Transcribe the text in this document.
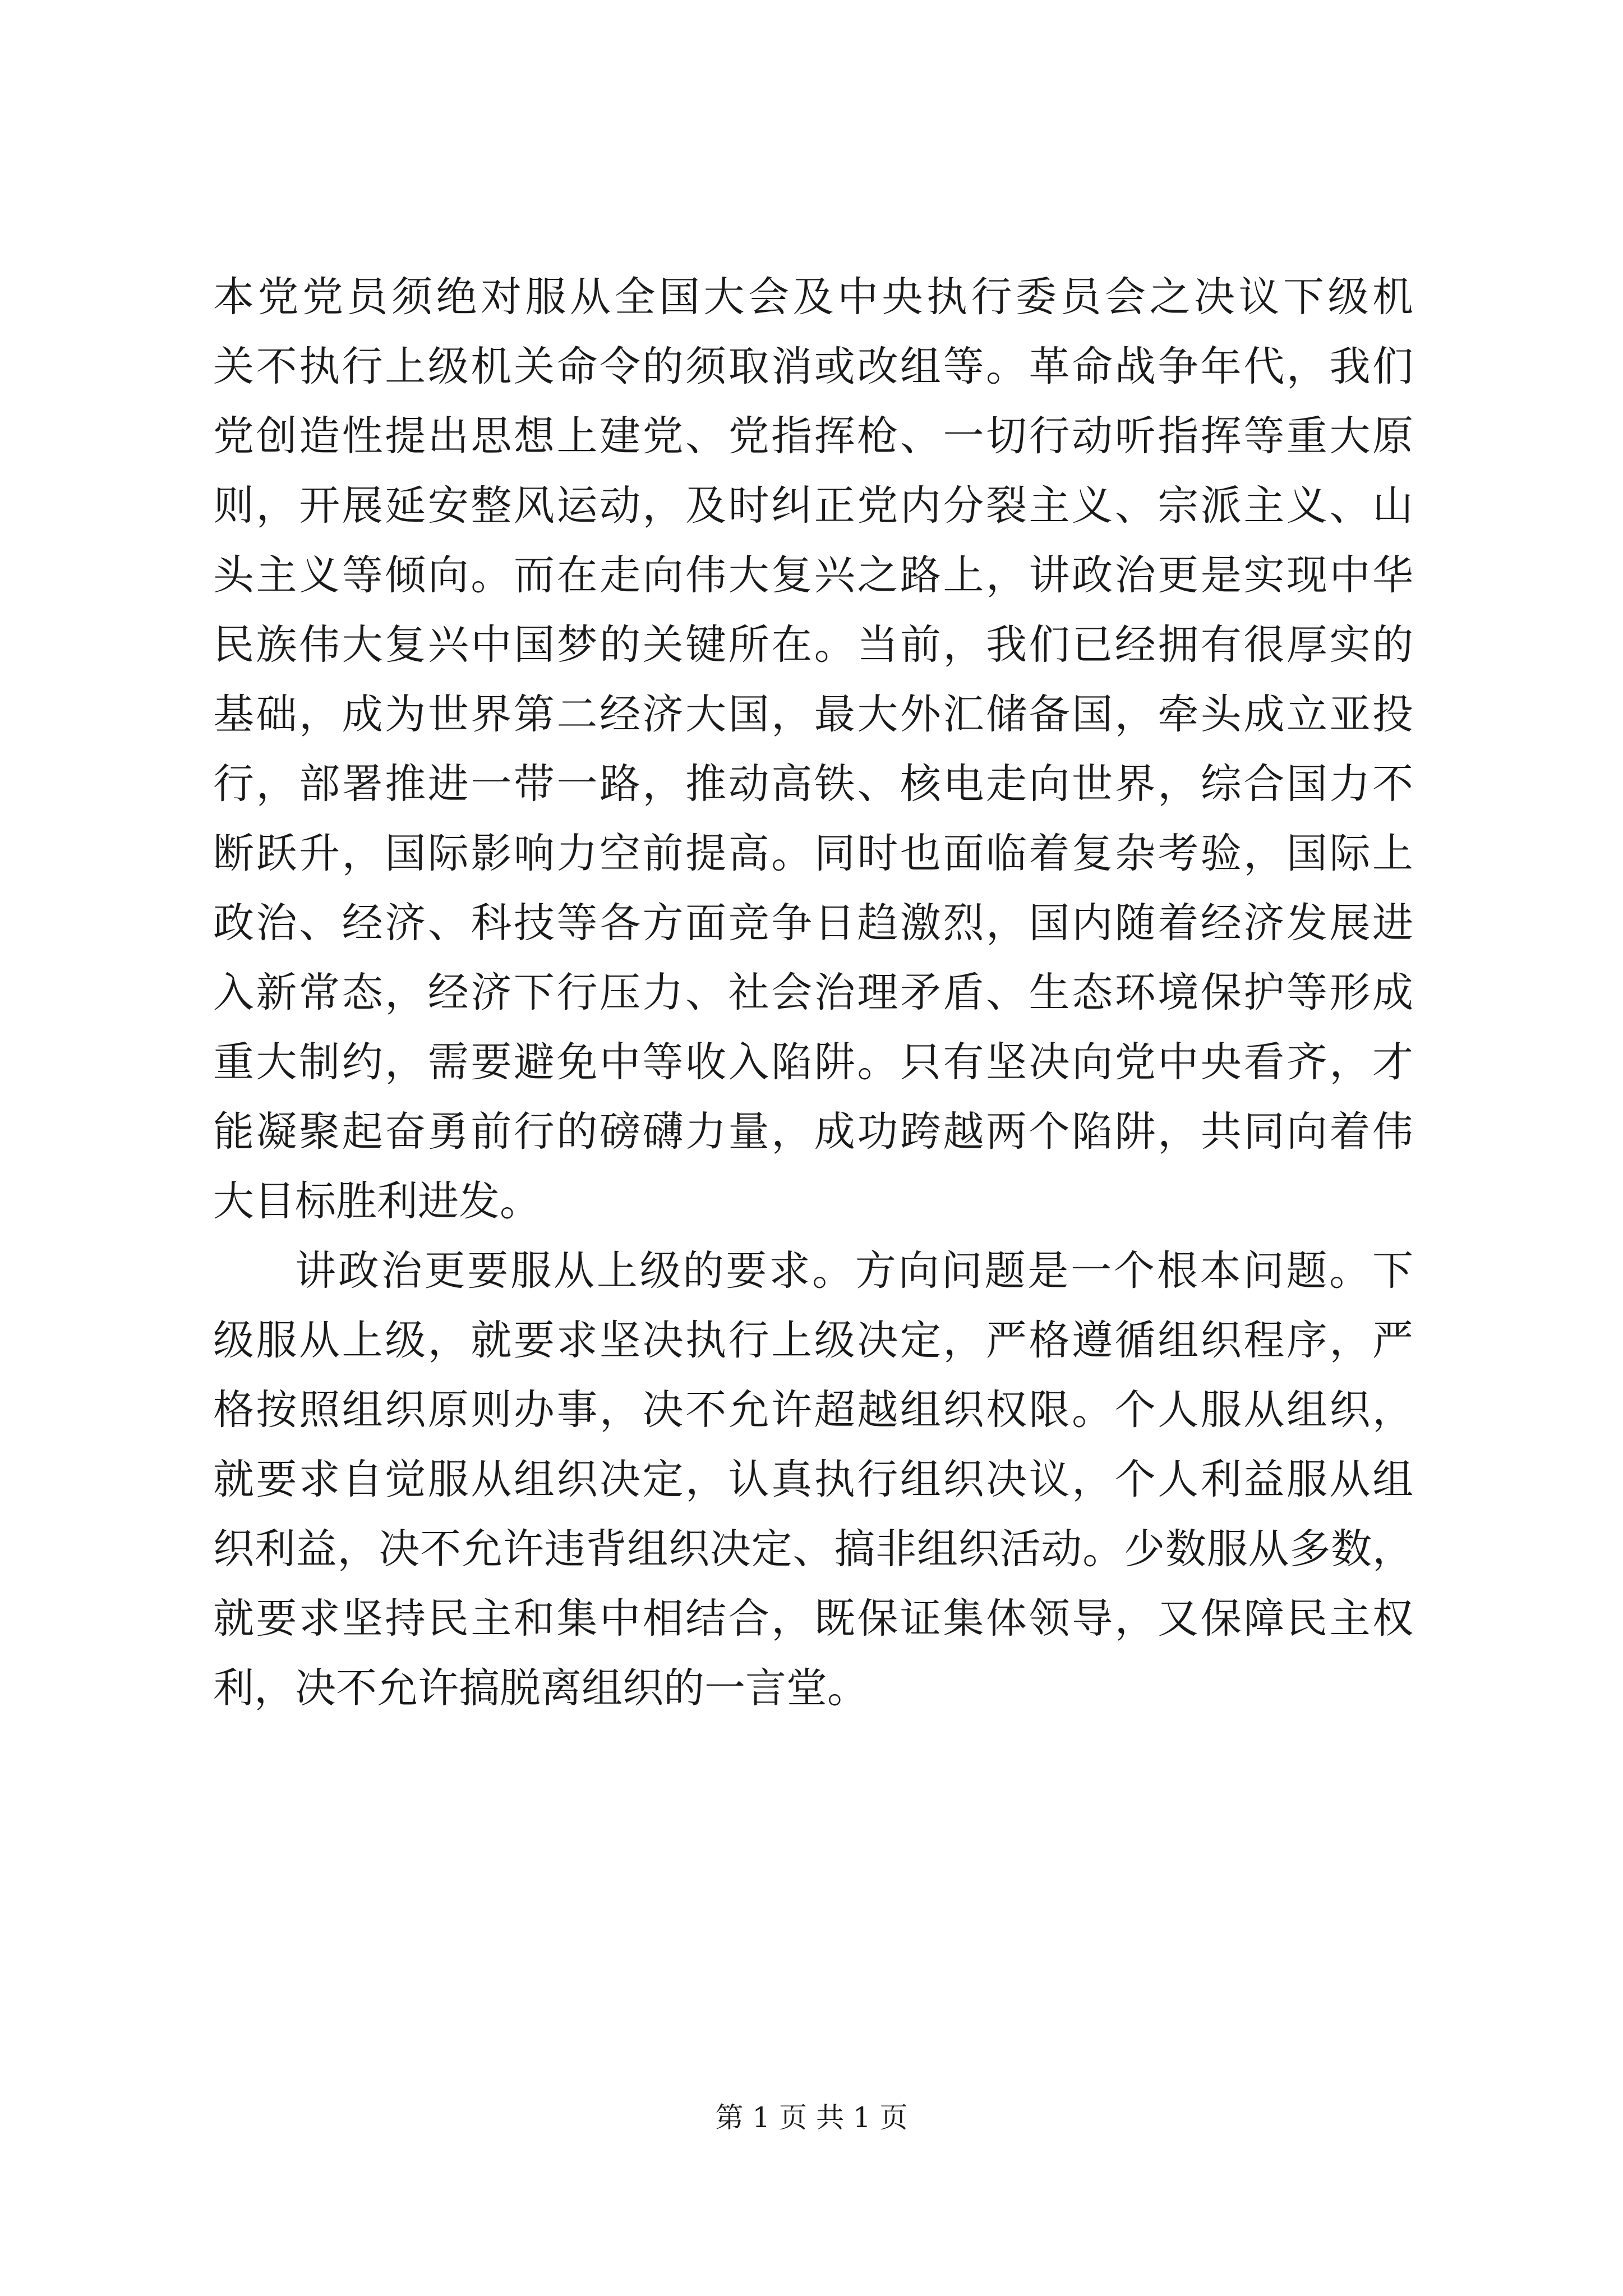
本党党员须绝对服从全国大会及中央执行委员会之决议下级机
关不执行上级机关命令的须取消或改组等。革命战争年代，我们
党创造性提出思想上建党、党指挥枪、一切行动听指挥等重大原
则，开展延安整风运动，及时纠正党内分裂主义、宗派主义、山
头主义等倾向。而在走向伟大复兴之路上，讲政治更是实现中华
民族伟大复兴中国梦的关键所在。当前，我们已经拥有很厚实的
基础，成为世界第二经济大国，最大外汇储备国，牵头成立亚投
行，部署推进一带一路，推动高铁、核电走向世界，综合国力不
断跃升，国际影响力空前提高。同时也面临着复杂考验，国际上
政治、经济、科技等各方面竞争日趋激烈，国内随着经济发展进
入新常态，经济下行压力、社会治理矛盾、生态环境保护等形成
重大制约，需要避免中等收入陷阱。只有坚决向党中央看齐，才
能凝聚起奋勇前行的磅礴力量，成功跨越两个陷阱，共同向着伟
大目标胜利进发。
讲政治更要服从上级的要求。方向问题是一个根本问题。下
级服从上级，就要求坚决执行上级决定，严格遵循组织程序，严
格按照组织原则办事，决不允许超越组织权限。个人服从组织，
就要求自觉服从组织决定，认真执行组织决议，个人利益服从组
织利益，决不允许违背组织决定、搞非组织活动。少数服从多数，
就要求坚持民主和集中相结合，既保证集体领导，又保障民主权
利，决不允许搞脱离组织的一言堂。
第 1 页 共 1 页
